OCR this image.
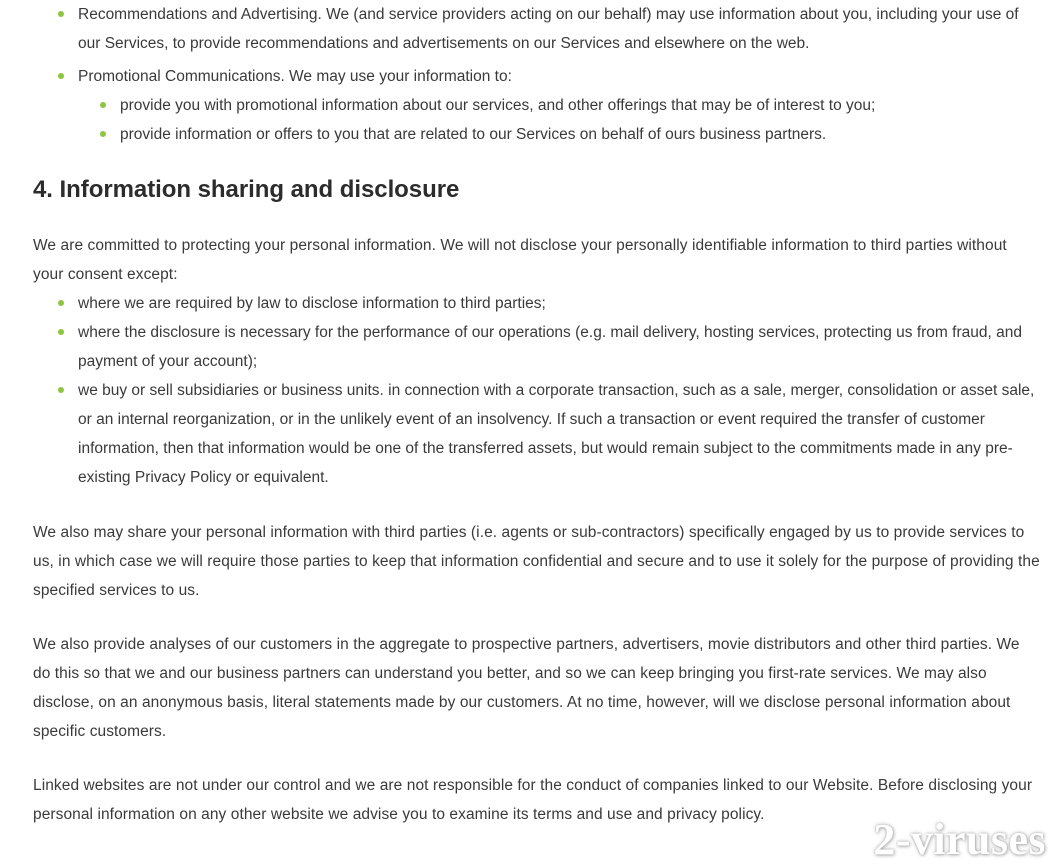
Recommendations and Advertising. We (and service providers acting on our behalf) may use information about you, including your use of our Services, to provide recommendations and advertisements on our Services and elsewhere on the web.
Promotional Communications. We may use your information to:
provide you with promotional information about our services, and other offerings that may be of interest to you;
provide information or offers to you that are related to our Services on behalf of ours business partners.
4. Information sharing and disclosure

We are committed to protecting your personal information. We will not disclose your personally identifiable information to third parties without your consent except:

where we are required by law to disclose information to third parties;
where the disclosure is necessary for the performance of our operations (e.g. mail delivery, hosting services, protecting us from fraud, and payment of your account);
we buy or sell subsidiaries or business units. in connection with a corporate transaction, such as a sale, merger, consolidation or asset sale, or an internal reorganization, or in the unlikely event of an insolvency. If such a transaction or event required the transfer of customer information, then that information would be one of the transferred assets, but would remain subject to the commitments made in any pre-existing Privacy Policy or equivalent.

We also may share your personal information with third parties (i.e. agents or sub-contractors) specifically engaged by us to provide services to us, in which case we will require those parties to keep that information confidential and secure and to use it solely for the purpose of providing the specified services to us.

We also provide analyses of our customers in the aggregate to prospective partners, advertisers, movie distributors and other third parties. We do this so that we and our business partners can understand you better, and so we can keep bringing you first-rate services. We may also disclose, on an anonymous basis, literal statements made by our customers. At no time, however, will we disclose personal information about specific customers.

Linked websites are not under our control and we are not responsible for the conduct of companies linked to our Website. Before disclosing your personal information on any other website we advise you to examine its terms and use and privacy policy.

2-viruses
